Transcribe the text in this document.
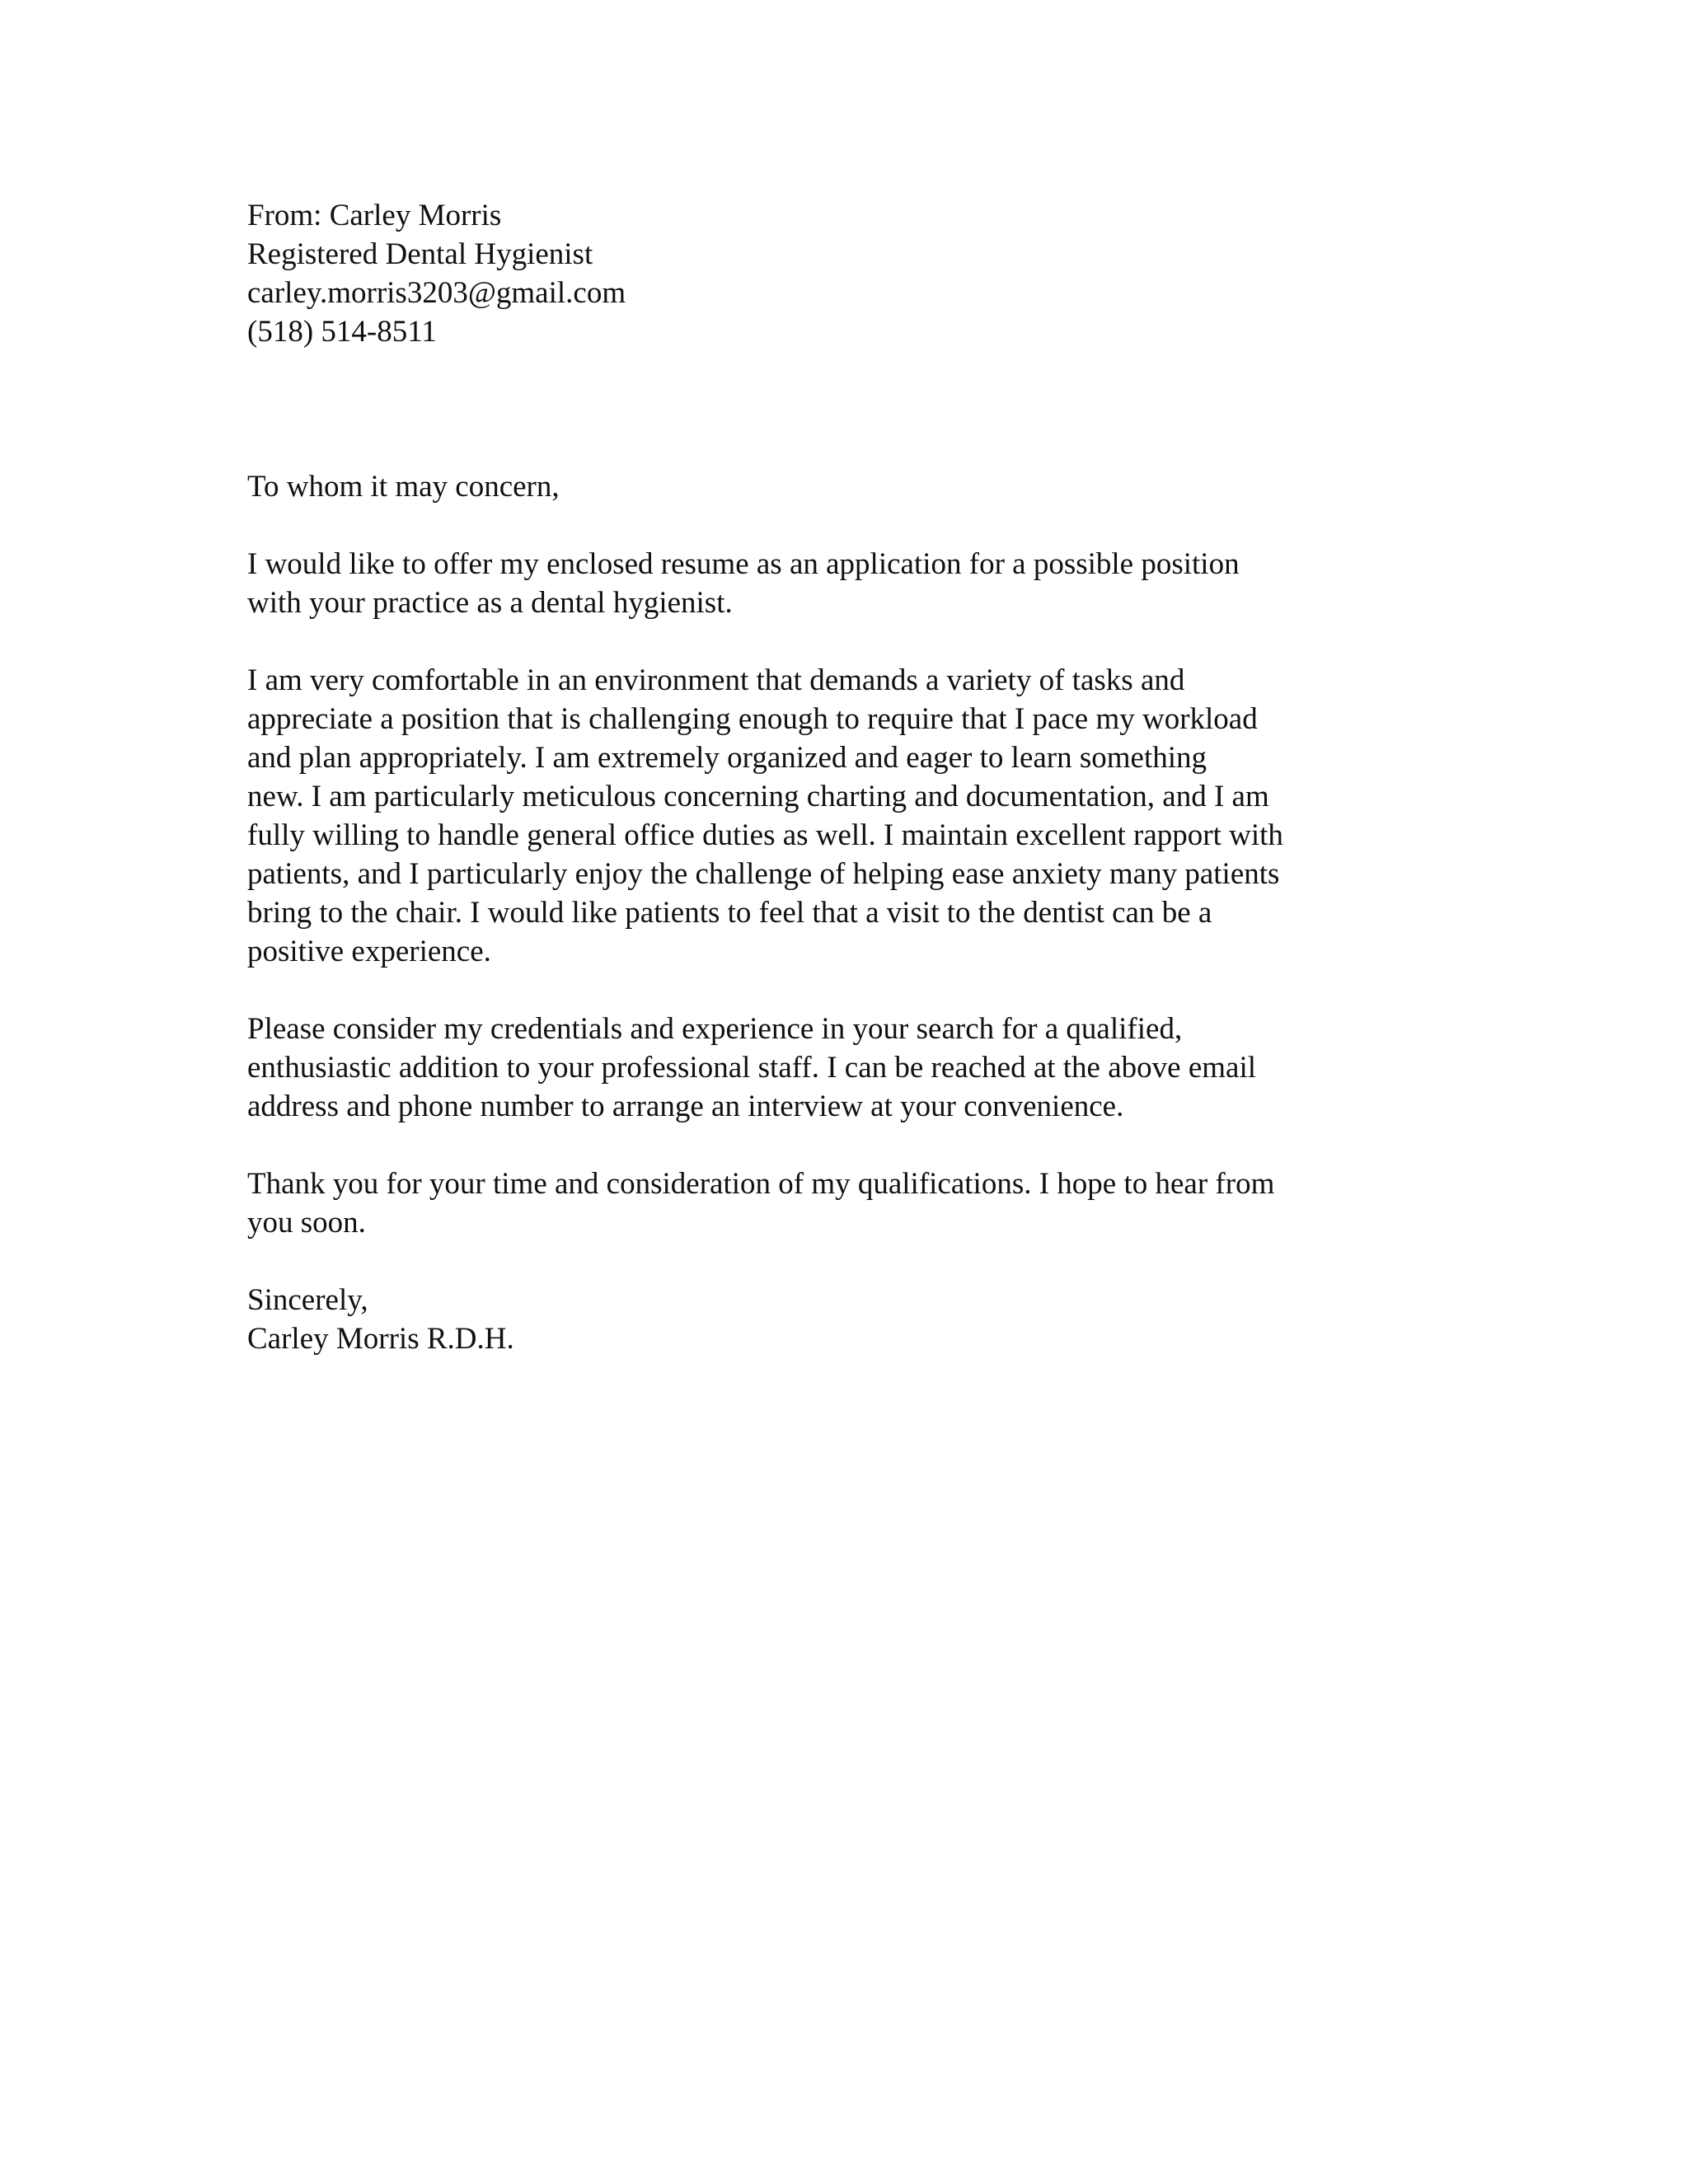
From: Carley Morris
Registered Dental Hygienist
carley.morris3203@gmail.com
(518) 514-8511
To whom it may concern,
I would like to offer my enclosed resume as an application for a possible position
with your practice as a dental hygienist.
I am very comfortable in an environment that demands a variety of tasks and
appreciate a position that is challenging enough to require that I pace my workload
and plan appropriately. I am extremely organized and eager to learn something
new. I am particularly meticulous concerning charting and documentation, and I am
fully willing to handle general office duties as well. I maintain excellent rapport with
patients, and I particularly enjoy the challenge of helping ease anxiety many patients
bring to the chair. I would like patients to feel that a visit to the dentist can be a
positive experience.
Please consider my credentials and experience in your search for a qualified,
enthusiastic addition to your professional staff. I can be reached at the above email
address and phone number to arrange an interview at your convenience.
Thank you for your time and consideration of my qualifications. I hope to hear from
you soon.
Sincerely,
Carley Morris R.D.H.
